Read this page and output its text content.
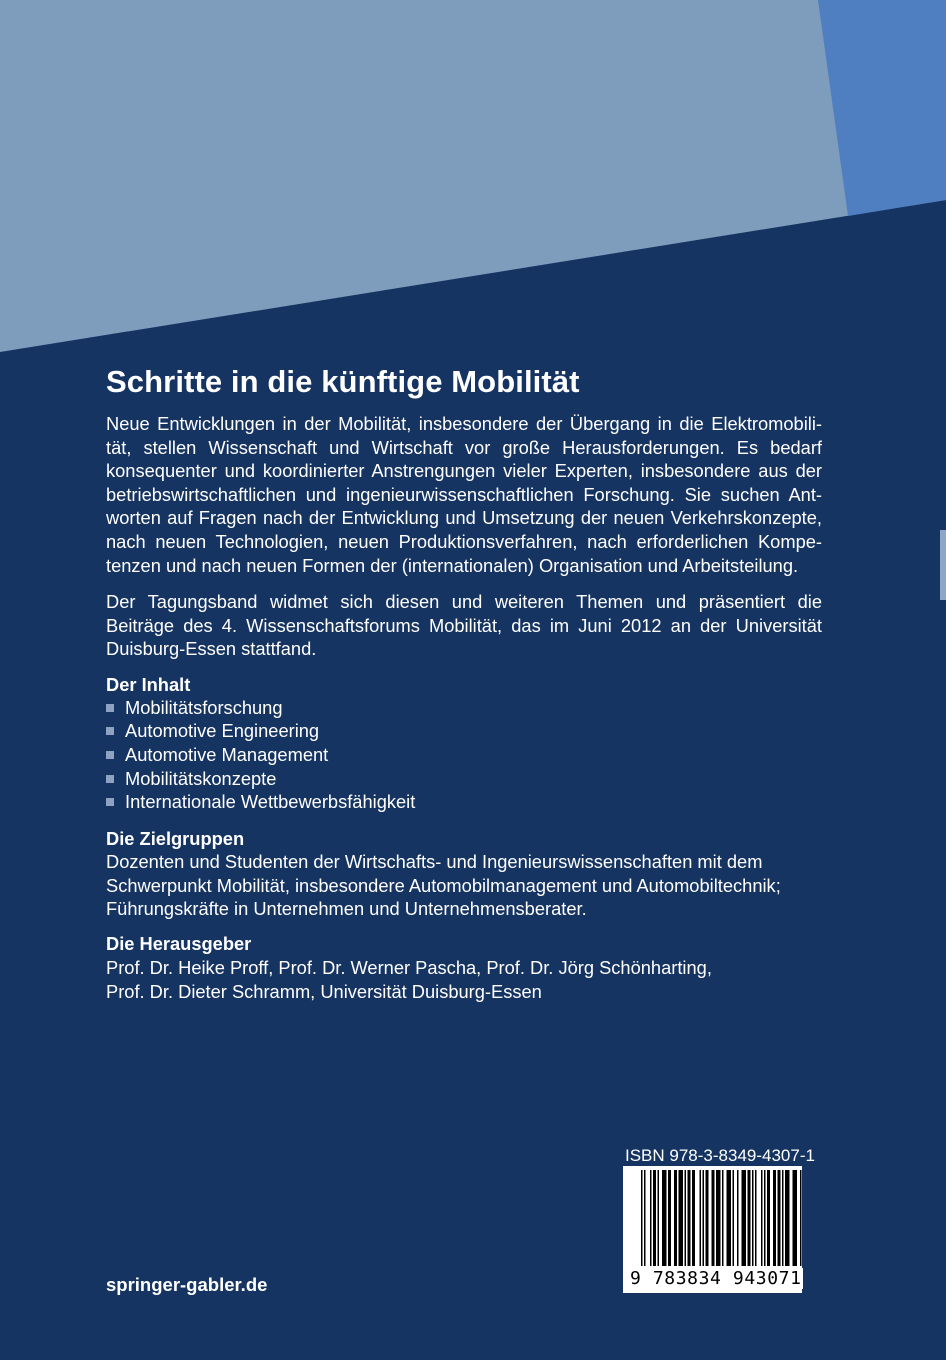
Schritte in die künftige Mobilität
Neue Entwicklungen in der Mobilität, insbesondere der Übergang in die Elektromobili-
tät, stellen Wissenschaft und Wirtschaft vor große Herausforderungen. Es bedarf
konsequenter und koordinierter Anstrengungen vieler Experten, insbesondere aus der
betriebswirtschaftlichen und ingenieurwissenschaftlichen Forschung. Sie suchen Ant-
worten auf Fragen nach der Entwicklung und Umsetzung der neuen Verkehrskonzepte,
nach neuen Technologien, neuen Produktionsverfahren, nach erforderlichen Kompe-
tenzen und nach neuen Formen der (internationalen) Organisation und Arbeitsteilung.
Der Tagungsband widmet sich diesen und weiteren Themen und präsentiert die
Beiträge des 4. Wissenschaftsforums Mobilität, das im Juni 2012 an der Universität
Duisburg-Essen stattfand.
Der Inhalt
Mobilitätsforschung
Automotive Engineering
Automotive Management
Mobilitätskonzepte
Internationale Wettbewerbsfähigkeit
Die Zielgruppen
Dozenten und Studenten der Wirtschafts- und Ingenieurswissenschaften mit dem
Schwerpunkt Mobilität, insbesondere Automobilmanagement und Automobiltechnik;
Führungskräfte in Unternehmen und Unternehmensberater.
Die Herausgeber
Prof. Dr. Heike Proff, Prof. Dr. Werner Pascha, Prof. Dr. Jörg Schönharting,
Prof. Dr. Dieter Schramm, Universität Duisburg-Essen
springer-gabler.de
ISBN 978-3-8349-4307-1
9 783834 943071
